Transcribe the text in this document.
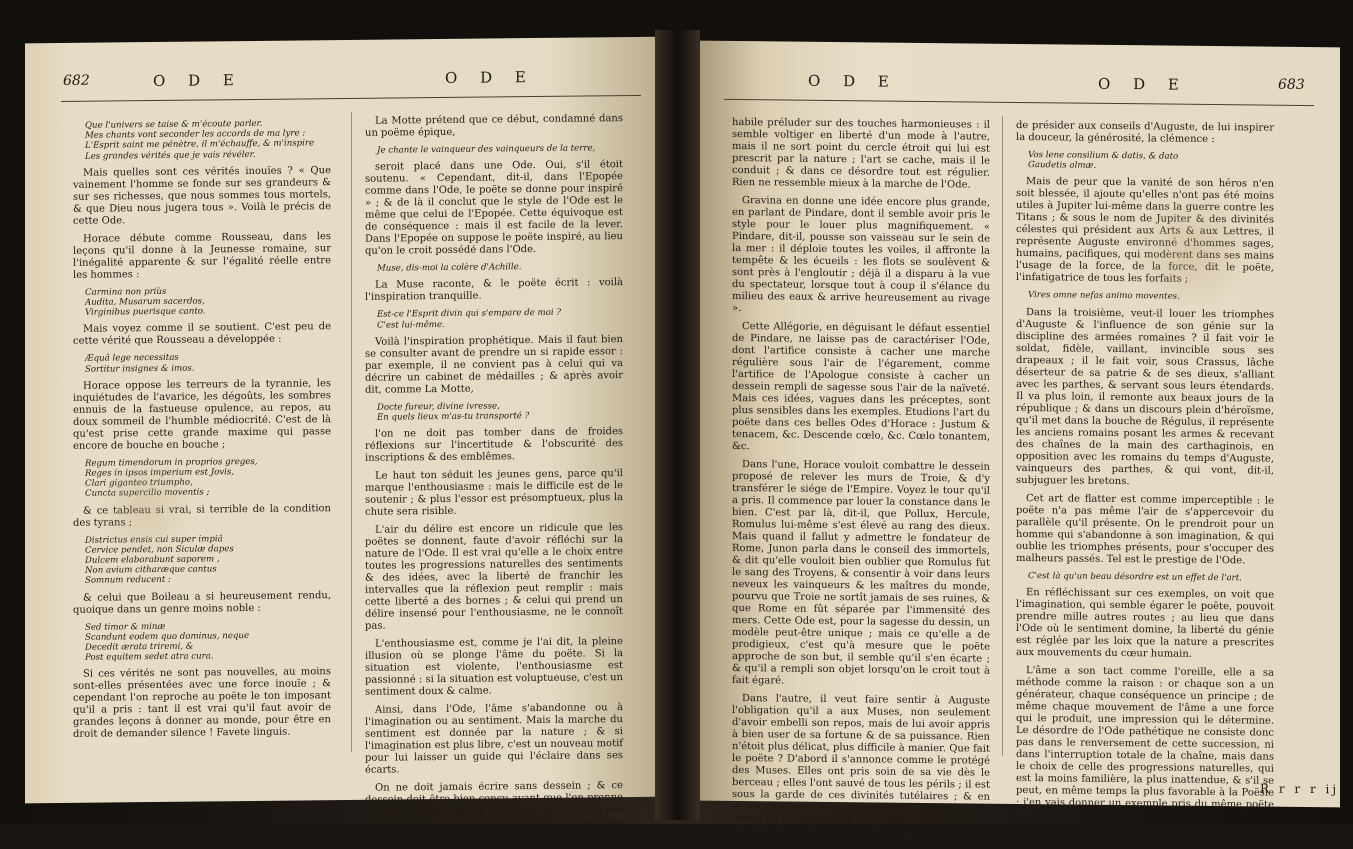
682	O D E	O D E
Que l'univers se taise & m'écoute parler.
Mes chants vont seconder les accords de ma lyre :
L'Esprit saint me pénètre, il m'échauffe, & m'inspire
Les grandes vérités que je vais révéler.

Mais quelles sont ces vérités inouïes ? « Que vainement l'homme se fonde sur ses grandeurs & sur ses richesses, que nous sommes tous mortels, & que Dieu nous jugera tous ». Voilà le précis de cette Ode.

Horace débute comme Rousseau, dans les leçons qu'il donne à la Jeunesse romaine, sur l'inégalité apparente & sur l'égalité réelle entre les hommes :

Carmina non priùs
Audita, Musarum sacerdos,
Virginibus puerisque canto.

Mais voyez comme il se soutient. C'est peu de cette vérité que Rousseau a développée :

Æquâ lege necessitas
Sortitur insignes & imos.

Horace oppose les terreurs de la tyrannie, les inquiétudes de l'avarice, les dégoûts, les sombres ennuis de la fastueuse opulence, au repos, au doux sommeil de l'humble médiocrité. C'est de là qu'est prise cette grande maxime qui passe encore de bouche en bouche ;

Regum timendorum in proprios greges,
Reges in ipsos imperium est Jovis,
Clari giganteo triumpho,
Cuncta supercilio moventis ;

& ce tableau si vrai, si terrible de la condition des tyrans ;

Districtus ensis cui super impiâ
Cervice pendet, non Siculæ dapes
Dulcem elaborabunt saporem ,
Non avium citharæque cantus
Somnum reducent :

& celui que Boileau a si heureusement rendu, quoique dans un genre moins noble :

Sed timor & minæ
Scandunt eodem quo dominus, neque
Decedit ærata triremi, &
Post equitem sedet atra cura.

Si ces vérités ne sont pas nouvelles, au moins sont-elles présentées avec une force inouïe ; & cependant l'on reproche au poëte le ton imposant qu'il a pris : tant il est vrai qu'il faut avoir de grandes leçons à donner au monde, pour être en droit de demander silence ! Favete linguis.

La Motte prétend que ce début, condamné dans un poëme épique,

Je chante le vainqueur des vainqueurs de la terre,

seroit placé dans une Ode. Oui, s'il étoit soutenu. « Cependant, dit-il, dans l'Epopée comme dans l'Ode, le poëte se donne pour inspiré » ; & de là il conclut que le style de l'Ode est le même que celui de l'Epopée. Cette équivoque est de conséquence : mais il est facile de la lever. Dans l'Epopée on suppose le poëte inspiré, au lieu qu'on le croit possédé dans l'Ode.

Muse, dis-moi la colère d'Achille.

La Muse raconte, & le poëte écrit : voilà l'inspiration tranquille.

Est-ce l'Esprit divin qui s'empare de moi ?
C'est lui-même.

Voilà l'inspiration prophétique. Mais il faut bien se consulter avant de prendre un si rapide essor : par exemple, il ne convient pas à celui qui va décrire un cabinet de médailles ; & après avoir dit, comme La Motte,

Docte fureur, divine ivresse,
En quels lieux m'as-tu transporté ?

l'on ne doit pas tomber dans de froides réflexions sur l'incertitude & l'obscurité des inscriptions & des emblêmes.

Le haut ton séduit les jeunes gens, parce qu'il marque l'enthousiasme : mais le difficile est de le soutenir ; & plus l'essor est présomptueux, plus la chute sera risible.

L'air du délire est encore un ridicule que les poëtes se donnent, faute d'avoir réfléchi sur la nature de l'Ode. Il est vrai qu'elle a le choix entre toutes les progressions naturelles des sentiments & des idées, avec la liberté de franchir les intervalles que la réflexion peut remplir : mais cette liberté a des bornes ; & celui qui prend un délire insensé pour l'enthousiasme, ne le connoît pas.

L'enthousiasme est, comme je l'ai dit, la pleine illusion où se plonge l'âme du poëte. Si la situation est violente, l'enthousiasme est passionné : si la situation est voluptueuse, c'est un sentiment doux & calme.

Ainsi, dans l'Ode, l'âme s'abandonne ou à l'imagination ou au sentiment. Mais la marche du sentiment est donnée par la nature ; & si l'imagination est plus libre, c'est un nouveau motif pour lui laisser un guide qui l'éclaire dans ses écarts.

On ne doit jamais écrire sans dessein ; & ce dessein doit être bien conçu avant que l'on prenne la plume, afin que la réflexion ne vienne pas ralentir la chaleur du génie. Entendez un musicien

O D E	O D E	683

habile préluder sur des touches harmonieuses : il semble voltiger en liberté d'un mode à l'autre, mais il ne sort point du cercle étroit qui lui est prescrit par la nature ; l'art se cache, mais il le conduit ; & dans ce désordre tout est régulier. Rien ne ressemble mieux à la marche de l'Ode.

Gravina en donne une idée encore plus grande, en parlant de Pindare, dont il semble avoir pris le style pour le louer plus magnifiquement. « Pindare, dit-il, pousse son vaisseau sur le sein de la mer : il déploie toutes les voiles, il affronte la tempête & les écueils : les flots se soulèvent & sont près à l'engloutir ; déjà il a disparu à la vue du spectateur, lorsque tout à coup il s'élance du milieu des eaux & arrive heureusement au rivage ».

Cette Allégorie, en déguisant le défaut essentiel de Pindare, ne laisse pas de caractériser l'Ode, dont l'artifice consiste à cacher une marche régulière sous l'air de l'égarement, comme l'artifice de l'Apologue consiste à cacher un dessein rempli de sagesse sous l'air de la naïveté. Mais ces idées, vagues dans les préceptes, sont plus sensibles dans les exemples. Etudions l'art du poëte dans ces belles Odes d'Horace : Justum & tenacem, &c. Descende cœlo, &c. Cœlo tonantem, &c.

Dans l'une, Horace vouloit combattre le dessein proposé de relever les murs de Troie, & d'y transférer le siége de l'Empire. Voyez le tour qu'il a pris. Il commence par louer la constance dans le bien. C'est par là, dit-il, que Pollux, Hercule, Romulus lui-même s'est élevé au rang des dieux. Mais quand il fallut y admettre le fondateur de Rome, Junon parla dans le conseil des immortels, & dit qu'elle vouloit bien oublier que Romulus fut le sang des Troyens, & consentir à voir dans leurs neveux les vainqueurs & les maîtres du monde, pourvu que Troie ne sortît jamais de ses ruines, & que Rome en fût séparée par l'immensité des mers. Cette Ode est, pour la sagesse du dessin, un modèle peut-être unique ; mais ce qu'elle a de prodigieux, c'est qu'à mesure que le poëte approche de son but, il semble qu'il s'en écarte ; & qu'il a rempli son objet lorsqu'on le croit tout à fait égaré.

Dans l'autre, il veut faire sentir à Auguste l'obligation qu'il a aux Muses, non seulement d'avoir embelli son repos, mais de lui avoir appris à bien user de sa fortune & de sa puissance. Rien n'étoit plus délicat, plus difficile à manier. Que fait le poëte ? D'abord il s'annonce comme le protégé des Muses. Elles ont pris soin de sa vie dès le berceau ; elles l'ont sauvé de tous les périls ; il est sous la garde de ces divinités tutélaires ; & en actions de grâces, il chante leurs louanges. Dès lors il lui est permis de leur attribuer tout le bien qu'il imagine ; & en particulier la gloire

de présider aux conseils d'Auguste, de lui inspirer la douceur, la générosité, la clémence :

Vos lene consilium & datis, & dato
Gaudetis almæ.

Mais de peur que la vanité de son héros n'en soit blessée, il ajoute qu'elles n'ont pas été moins utiles à Jupiter lui-même dans la guerre contre les Titans ; & sous le nom de Jupiter & des divinités célestes qui président aux Arts & aux Lettres, il représente Auguste environné d'hommes sages, humains, pacifiques, qui modèrent dans ses mains l'usage de la force, de la force, dit le poëte, l'infatigatrice de tous les forfaits ;

Vires omne nefas animo moventes.

Dans la troisième, veut-il louer les triomphes d'Auguste & l'influence de son génie sur la discipline des armées romaines ? il fait voir le soldat, fidèle, vaillant, invincible sous ses drapeaux ; il le fait voir, sous Crassus, lâche déserteur de sa patrie & de ses dieux, s'alliant avec les parthes, & servant sous leurs étendards. Il va plus loin, il remonte aux beaux jours de la république ; & dans un discours plein d'héroïsme, qu'il met dans la bouche de Régulus, il représente les anciens romains posant les armes & recevant des chaînes de la main des carthaginois, en opposition avec les romains du temps d'Auguste, vainqueurs des parthes, & qui vont, dit-il, subjuguer les bretons.

Cet art de flatter est comme imperceptible : le poëte n'a pas même l'air de s'appercevoir du parallèle qu'il présente. On le prendroit pour un homme qui s'abandonne à son imagination, & qui oublie les triomphes présents, pour s'occuper des malheurs passés. Tel est le prestige de l'Ode.

C'est là qu'un beau désordre est un effet de l'art.

En réfléchissant sur ces exemples, on voit que l'imagination, qui semble égarer le poëte, pouvoit prendre mille autres routes ; au lieu que dans l'Ode où le sentiment domine, la liberté du génie est réglée par les loix que la nature a prescrites aux mouvements du cœur humain.

L'âme a son tact comme l'oreille, elle a sa méthode comme la raison : or chaque son a un générateur, chaque conséquence un principe ; de même chaque mouvement de l'âme a une force qui le produit, une impression qui le détermine. Le désordre de l'Ode pathétique ne consiste donc pas dans le renversement de cette succession, ni dans l'interruption totale de la chaîne, mais dans le choix de celle des progressions naturelles, qui est la moins familière, la plus inattendue, & s'il se peut, en même temps la plus favorable à la Poësie : j'en vais donner un exemple pris du même poëte latin.

R r r r ij
